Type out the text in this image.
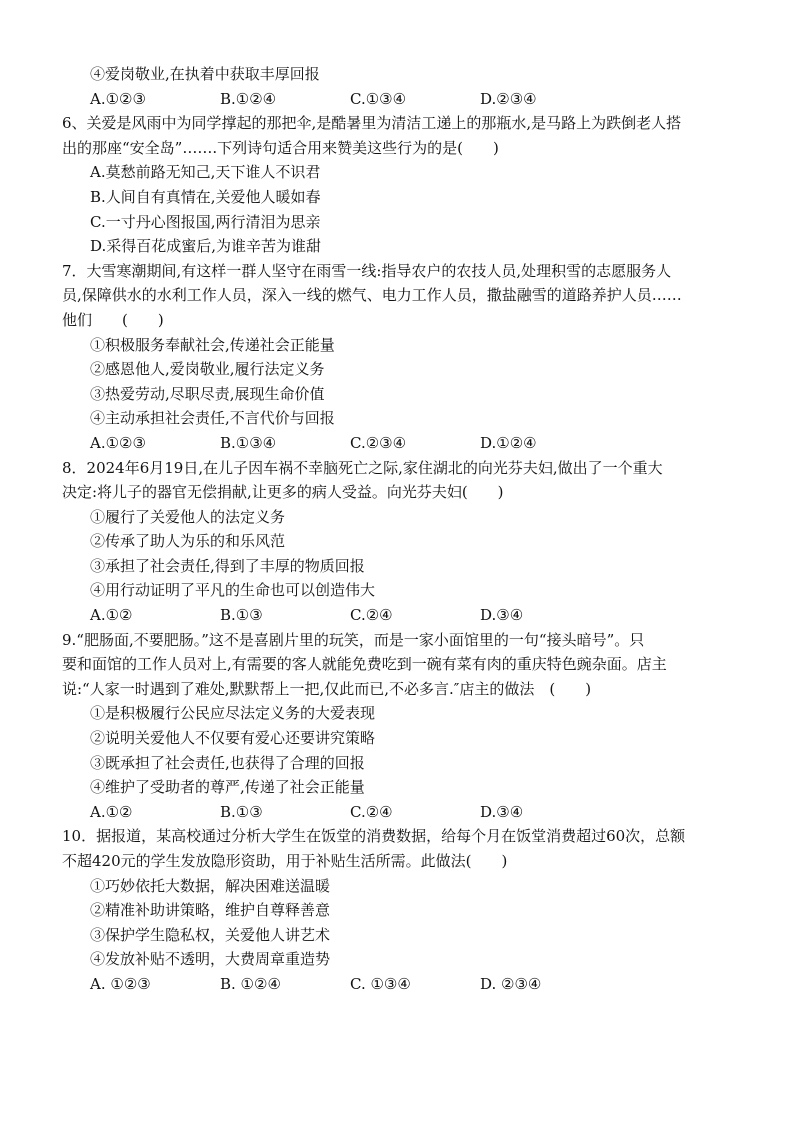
④爱岗敬业,在执着中获取丰厚回报
A.①②③	B.①②④	C.①③④	D.②③④
6、关爱是风雨中为同学撑起的那把伞,是酷暑里为清洁工递上的那瓶水,是马路上为跌倒老人搭
出的那座“安全岛”…….下列诗句适合用来赞美这些行为的是(　　)
A.莫愁前路无知己,天下谁人不识君
B.人间自有真情在,关爱他人暖如春
C.一寸丹心图报国,两行清泪为思亲
D.采得百花成蜜后,为谁辛苦为谁甜
7．大雪寒潮期间,有这样一群人坚守在雨雪一线:指导农户的农技人员,处理积雪的志愿服务人
员,保障供水的水利工作人员，深入一线的燃气、电力工作人员，撒盐融雪的道路养护人员……
他们　　(　　)
①积极服务奉献社会,传递社会正能量
②感恩他人,爱岗敬业,履行法定义务
③热爱劳动,尽职尽责,展现生命价值
④主动承担社会责任,不言代价与回报
A.①②③	B.①③④	C.②③④	D.①②④
8．2024年6月19日,在儿子因车祸不幸脑死亡之际,家住湖北的向光芬夫妇,做出了一个重大
决定:将儿子的器官无偿捐献,让更多的病人受益。向光芬夫妇(　　)
①履行了关爱他人的法定义务
②传承了助人为乐的和乐风范
③承担了社会责任,得到了丰厚的物质回报
④用行动证明了平凡的生命也可以创造伟大
A.①②	B.①③	C.②④	D.③④
9.“肥肠面,不要肥肠。”这不是喜剧片里的玩笑，而是一家小面馆里的一句“接头暗号”。只
要和面馆的工作人员对上,有需要的客人就能免费吃到一碗有菜有肉的重庆特色豌杂面。店主
说:“人家一时遇到了难处,默默帮上一把,仅此而已,不必多言.″店主的做法　(　　)
①是积极履行公民应尽法定义务的大爱表现
②说明关爱他人不仅要有爱心还要讲究策略
③既承担了社会责任,也获得了合理的回报
④维护了受助者的尊严,传递了社会正能量
A.①②	B.①③	C.②④	D.③④
10．据报道，某高校通过分析大学生在饭堂的消费数据，给每个月在饭堂消费超过60次，总额
不超420元的学生发放隐形资助，用于补贴生活所需。此做法(　　)
①巧妙依托大数据，解决困难送温暖
②精准补助讲策略，维护自尊释善意
③保护学生隐私权，关爱他人讲艺术
④发放补贴不透明，大费周章重造势
A. ①②③	B. ①②④	C. ①③④	D. ②③④
